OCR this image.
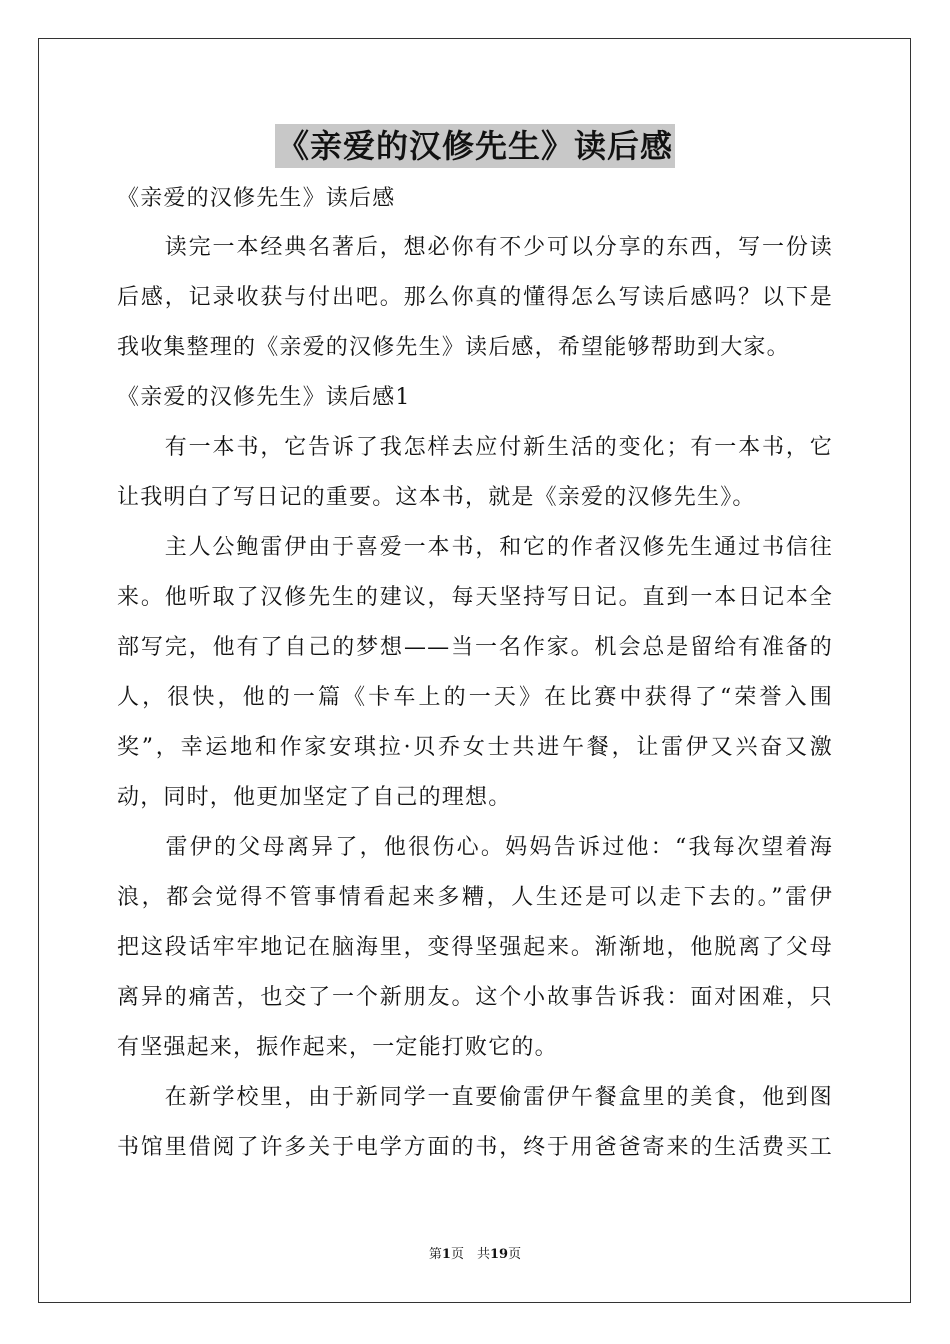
《亲爱的汉修先生》读后感
《亲爱的汉修先生》读后感
　　读完一本经典名著后，想必你有不少可以分享的东西，写一份读
后感，记录收获与付出吧。那么你真的懂得怎么写读后感吗？以下是
我收集整理的《亲爱的汉修先生》读后感，希望能够帮助到大家。
《亲爱的汉修先生》读后感1
　　有一本书，它告诉了我怎样去应付新生活的变化；有一本书，它
让我明白了写日记的重要。这本书，就是《亲爱的汉修先生》。
　　主人公鲍雷伊由于喜爱一本书，和它的作者汉修先生通过书信往
来。他听取了汉修先生的建议，每天坚持写日记。直到一本日记本全
部写完，他有了自己的梦想——当一名作家。机会总是留给有准备的
人，很快，他的一篇《卡车上的一天》在比赛中获得了“荣誉入围
奖”，幸运地和作家安琪拉·贝乔女士共进午餐，让雷伊又兴奋又激
动，同时，他更加坚定了自己的理想。
　　雷伊的父母离异了，他很伤心。妈妈告诉过他：“我每次望着海
浪，都会觉得不管事情看起来多糟，人生还是可以走下去的。”雷伊
把这段话牢牢地记在脑海里，变得坚强起来。渐渐地，他脱离了父母
离异的痛苦，也交了一个新朋友。这个小故事告诉我：面对困难，只
有坚强起来，振作起来，一定能打败它的。
　　在新学校里，由于新同学一直要偷雷伊午餐盒里的美食，他到图
书馆里借阅了许多关于电学方面的书，终于用爸爸寄来的生活费买工
第1页　共19页
